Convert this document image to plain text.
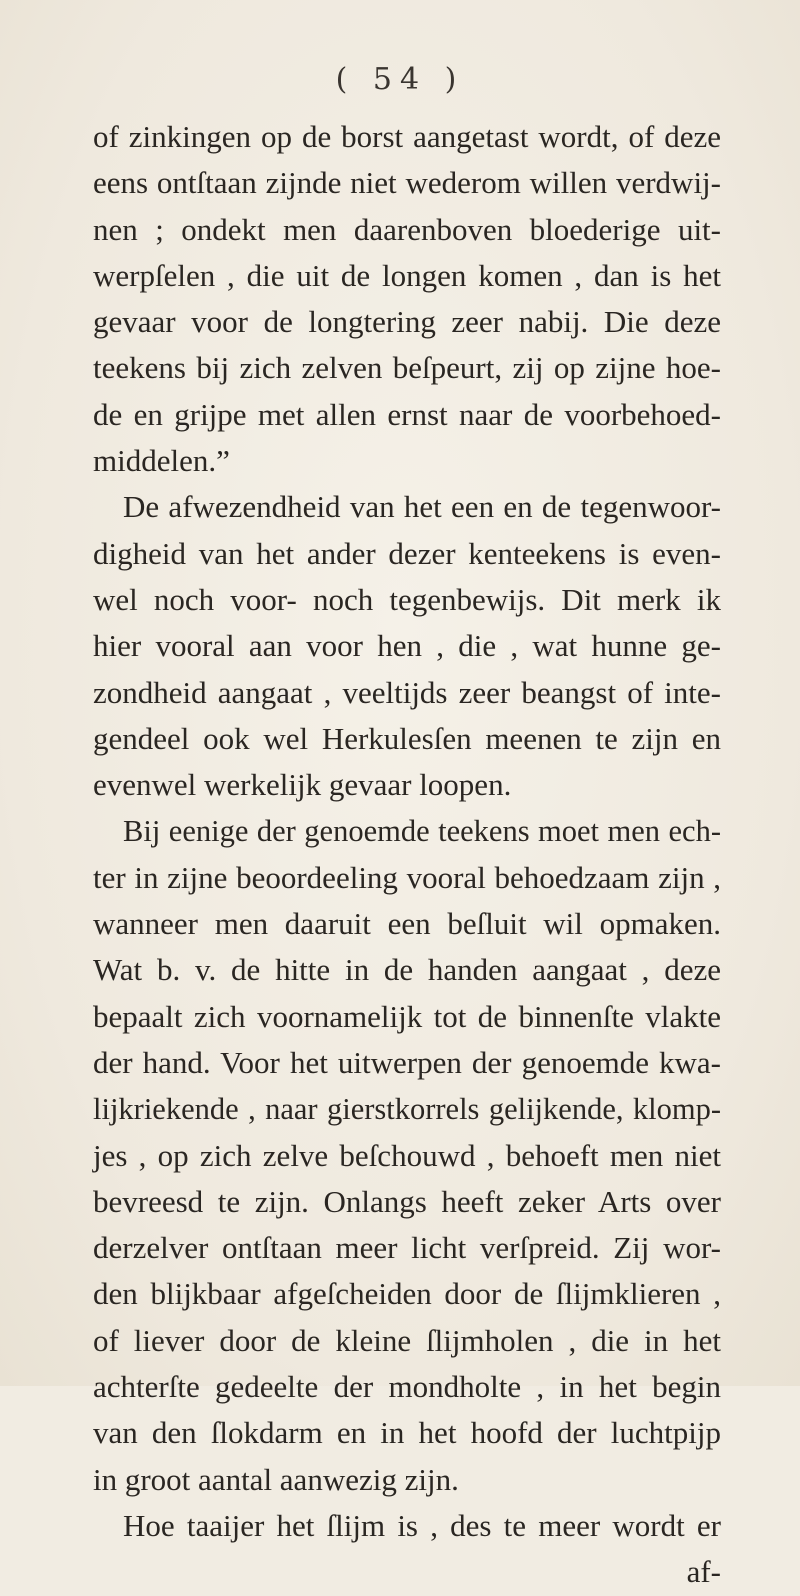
( 54 )
of zinkingen op de borst aangetast wordt, of deze
eens ontſtaan zijnde niet wederom willen verdwij-
nen ; ondekt men daarenboven bloederige uit-
werpſelen , die uit de longen komen , dan is het
gevaar voor de longtering zeer nabij. Die deze
teekens bij zich zelven beſpeurt, zij op zijne hoe-
de en grijpe met allen ernst naar de voorbehoed-
middelen.”
De afwezendheid van het een en de tegenwoor-
digheid van het ander dezer kenteekens is even-
wel noch voor- noch tegenbewijs. Dit merk ik
hier vooral aan voor hen , die , wat hunne ge-
zondheid aangaat , veeltijds zeer beangst of inte-
gendeel ook wel Herkulesſen meenen te zijn en
evenwel werkelijk gevaar loopen.
Bij eenige der genoemde teekens moet men ech-
ter in zijne beoordeeling vooral behoedzaam zijn ,
wanneer men daaruit een beſluit wil opmaken.
Wat b. v. de hitte in de handen aangaat , deze
bepaalt zich voornamelijk tot de binnenſte vlakte
der hand. Voor het uitwerpen der genoemde kwa-
lijkriekende , naar gierstkorrels gelijkende, klomp-
jes , op zich zelve beſchouwd , behoeft men niet
bevreesd te zijn. Onlangs heeft zeker Arts over
derzelver ontſtaan meer licht verſpreid. Zij wor-
den blijkbaar afgeſcheiden door de ſlijmklieren ,
of liever door de kleine ſlijmholen , die in het
achterſte gedeelte der mondholte , in het begin
van den ſlokdarm en in het hoofd der luchtpijp
in groot aantal aanwezig zijn.
Hoe taaijer het ſlijm is , des te meer wordt er
af-
